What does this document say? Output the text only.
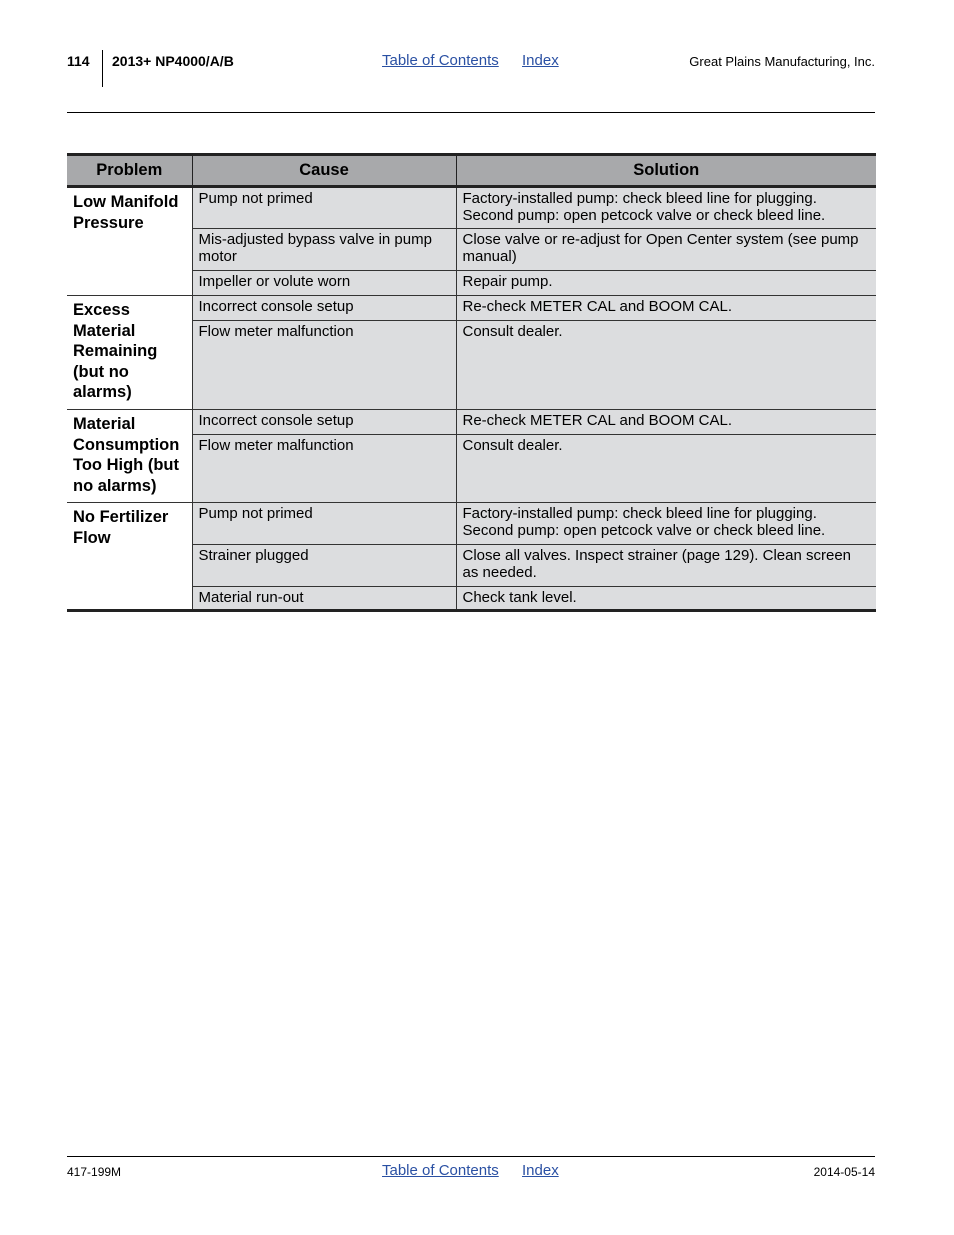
114 2013+ NP4000/A/B	Table of Contents Index	Great Plains Manufacturing, Inc.
Problem	Cause	Solution
Low Manifold Pressure	Pump not primed	Factory-installed pump: check bleed line for plugging. Second pump: open petcock valve or check bleed line.
	Mis-adjusted bypass valve in pump motor	Close valve or re-adjust for Open Center system (see pump manual)
	Impeller or volute worn	Repair pump.
Excess Material Remaining (but no alarms)	Incorrect console setup	Re-check METER CAL and BOOM CAL.
	Flow meter malfunction	Consult dealer.
Material Consumption Too High (but no alarms)	Incorrect console setup	Re-check METER CAL and BOOM CAL.
	Flow meter malfunction	Consult dealer.
No Fertilizer Flow	Pump not primed	Factory-installed pump: check bleed line for plugging. Second pump: open petcock valve or check bleed line.
	Strainer plugged	Close all valves. Inspect strainer (page 129). Clean screen as needed.
	Material run-out	Check tank level.
417-199M	Table of Contents Index	2014-05-14
